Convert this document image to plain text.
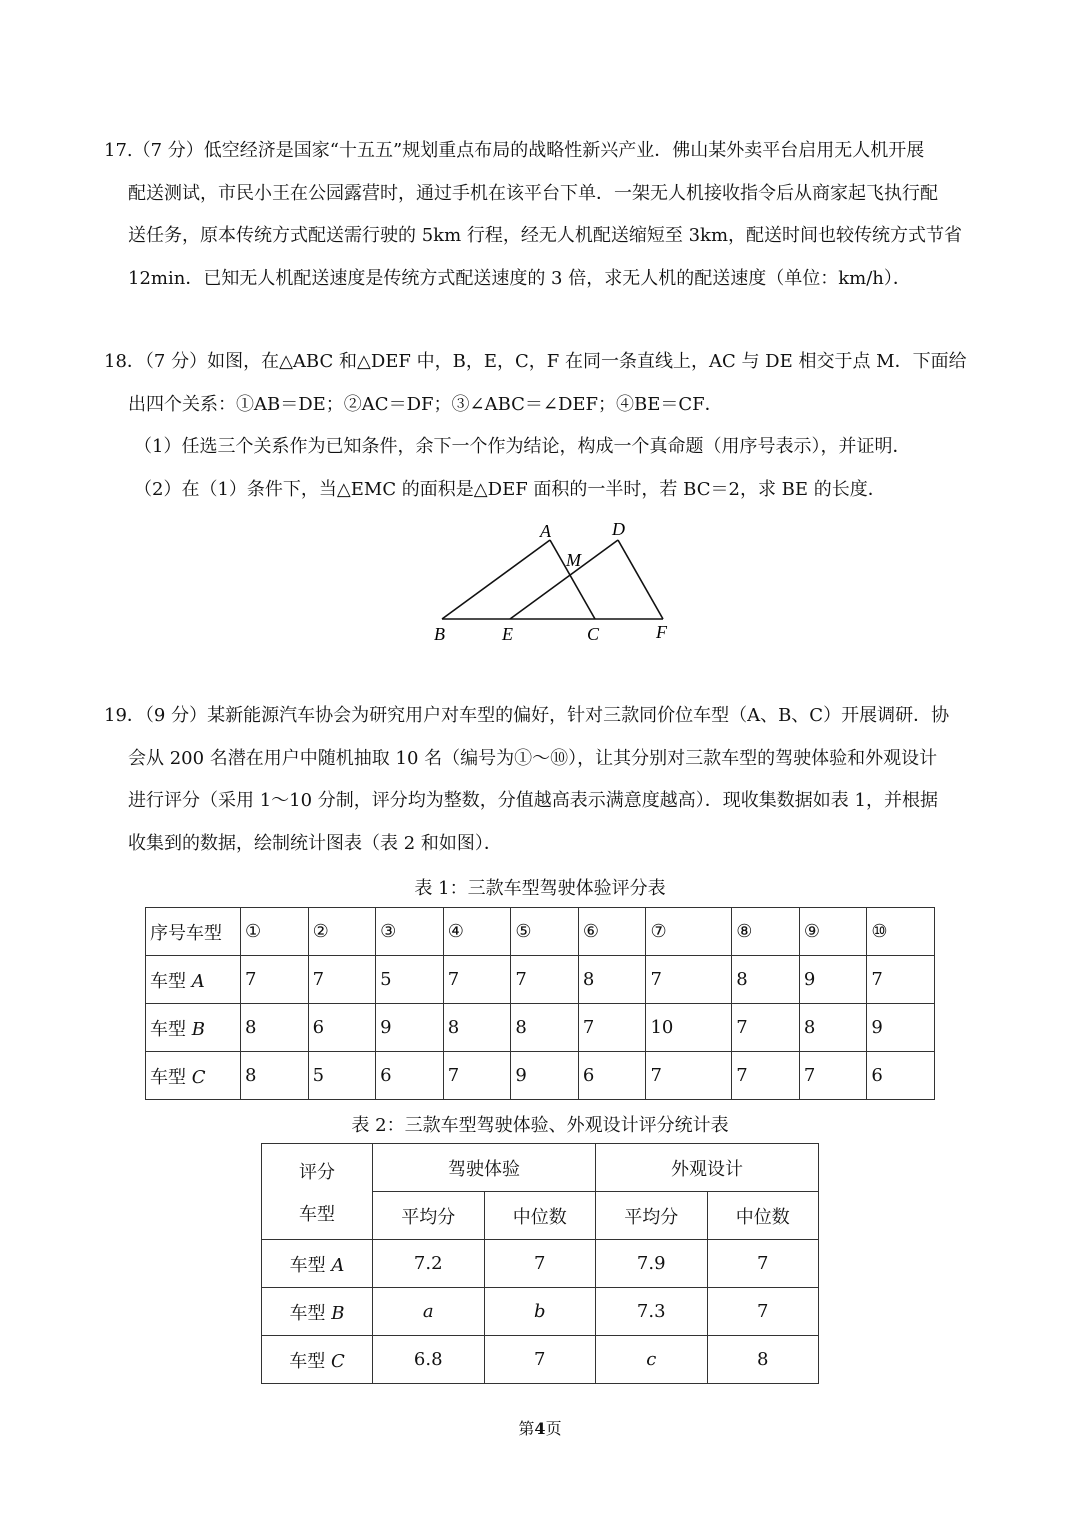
17.（7 分）低空经济是国家“十五五”规划重点布局的战略性新兴产业．佛山某外卖平台启用无人机开展
配送测试，市民小王在公园露营时，通过手机在该平台下单．一架无人机接收指令后从商家起飞执行配
送任务，原本传统方式配送需行驶的 5km 行程，经无人机配送缩短至 3km，配送时间也较传统方式节省
12min．已知无人机配送速度是传统方式配送速度的 3 倍，求无人机的配送速度（单位：km/h）．
18．（7 分）如图，在△ABC 和△DEF 中，B，E，C，F 在同一条直线上，AC 与 DE 相交于点 M．下面给
出四个关系：①AB＝DE；②AC＝DF；③∠ABC＝∠DEF；④BE＝CF．
（1）任选三个关系作为已知条件，余下一个作为结论，构成一个真命题（用序号表示），并证明．
（2）在（1）条件下，当△EMC 的面积是△DEF 面积的一半时，若 BC＝2，求 BE 的长度．
A	D
M
B	E	C	F
19．（9 分）某新能源汽车协会为研究用户对车型的偏好，针对三款同价位车型（A、B、C）开展调研．协
会从 200 名潜在用户中随机抽取 10 名（编号为①～⑩），让其分别对三款车型的驾驶体验和外观设计
进行评分（采用 1～10 分制，评分均为整数，分值越高表示满意度越高）．现收集数据如表 1，并根据
收集到的数据，绘制统计图表（表 2 和如图）．
表 1：三款车型驾驶体验评分表
序号车型	①	②	③	④	⑤	⑥	⑦	⑧	⑨	⑩
车型 A	7	7	5	7	7	8	7	8	9	7
车型 B	8	6	9	8	8	7	10	7	8	9
车型 C	8	5	6	7	9	6	7	7	7	6
表 2：三款车型驾驶体验、外观设计评分统计表
评分
车型	驾驶体验		外观设计	
	平均分	中位数	平均分	中位数
车型 A	7.2	7	7.9	7
车型 B	a	b	7.3	7
车型 C	6.8	7	c	8
第4页
